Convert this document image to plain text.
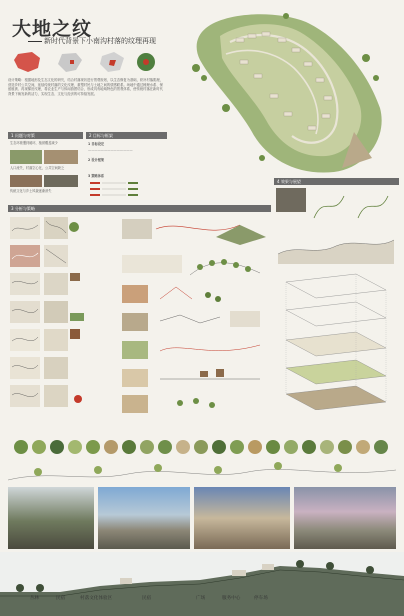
大地之纹
新时代背景下小南沟村落的纹理再现
设计策略：根据地形及生态文化的研究，结合村落现状进行景观规划，以生态修复为基础，织补村落肌理，营造乡村公共空间，延续传统村落的文化纹理，重塑村民与土地之间的情感联系。场地中通过梳理水系、保留植被、再现梯田纹理，将农业生产与休闲游憩结合，形成具有地域特色的景观体系，使传统村落在新时代背景下焕发新的活力，实现生态、文化与经济的可持续发展。
1 问题与对策
生态环境遭到破坏，植被覆盖减少
人口流失，村落空心化，公共空间缺乏
传统文化与乡土风貌逐渐消失
2 目标与框架
1 目标设定
——————————————
2 设计框架
3 策略体系
3 分析与策略
4 效果与展望
丛林	民宿	村落文化体验区	民宿	广场	服务中心	停车场
